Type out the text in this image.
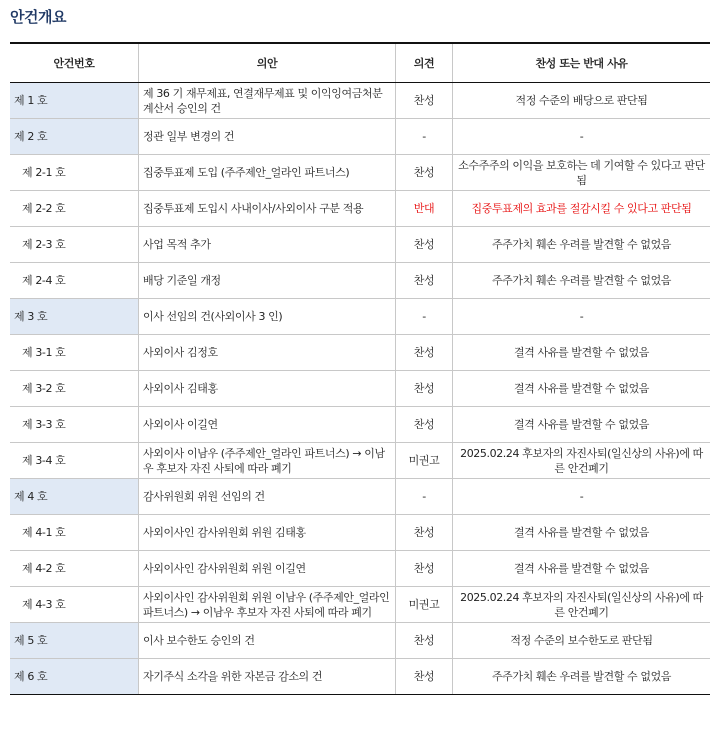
안건개요
안건번호	의안	의견	찬성 또는 반대 사유
제 1 호	제 36 기 재무제표, 연결재무제표 및 이익잉여금처분계산서 승인의 건	찬성	적정 수준의 배당으로 판단됨
제 2 호	정관 일부 변경의 건	-	-
제 2-1 호	집중투표제 도입 (주주제안_얼라인 파트너스)	찬성	소수주주의 이익을 보호하는 데 기여할 수 있다고 판단됨
제 2-2 호	집중투표제 도입시 사내이사/사외이사 구분 적용	반대	집중투표제의 효과를 절감시킬 수 있다고 판단됨
제 2-3 호	사업 목적 추가	찬성	주주가치 훼손 우려를 발견할 수 없었음
제 2-4 호	배당 기준일 개정	찬성	주주가치 훼손 우려를 발견할 수 없었음
제 3 호	이사 선임의 건(사외이사 3 인)	-	-
제 3-1 호	사외이사 김정호	찬성	결격 사유를 발견할 수 없었음
제 3-2 호	사외이사 김태홍	찬성	결격 사유를 발견할 수 없었음
제 3-3 호	사외이사 이길연	찬성	결격 사유를 발견할 수 없었음
제 3-4 호	사외이사 이남우 (주주제안_얼라인 파트너스) → 이남우 후보자 자진 사퇴에 따라 폐기	미권고	2025.02.24 후보자의 자진사퇴(일신상의 사유)에 따른 안건폐기
제 4 호	감사위원회 위원 선임의 건	-	-
제 4-1 호	사외이사인 감사위원회 위원 김태홍	찬성	결격 사유를 발견할 수 없었음
제 4-2 호	사외이사인 감사위원회 위원 이길연	찬성	결격 사유를 발견할 수 없었음
제 4-3 호	사외이사인 감사위원회 위원 이남우 (주주제안_얼라인 파트너스) → 이남우 후보자 자진 사퇴에 따라 폐기	미권고	2025.02.24 후보자의 자진사퇴(일신상의 사유)에 따른 안건폐기
제 5 호	이사 보수한도 승인의 건	찬성	적정 수준의 보수한도로 판단됨
제 6 호	자기주식 소각을 위한 자본금 감소의 건	찬성	주주가치 훼손 우려를 발견할 수 없었음
